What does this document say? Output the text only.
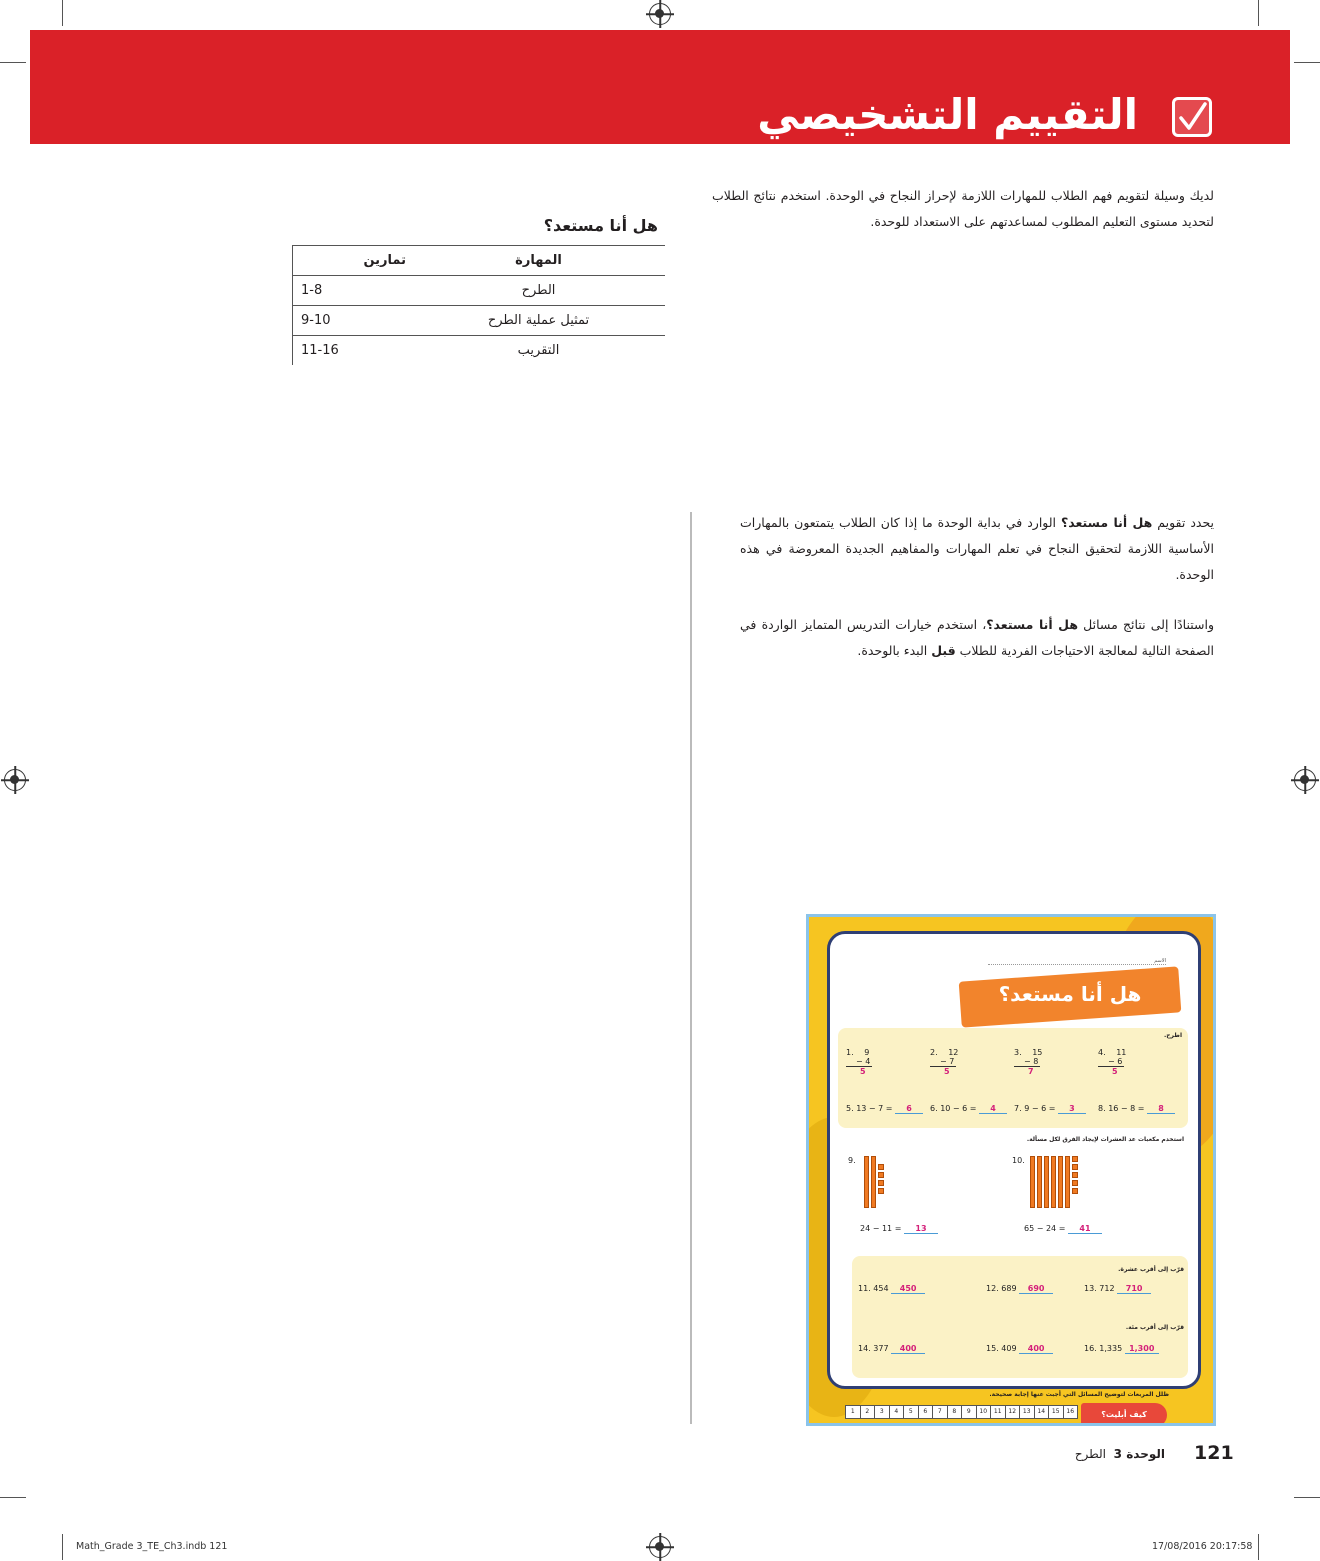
التقييم التشخيصي
لديك وسيلة لتقويم فهم الطلاب للمهارات اللازمة لإحراز النجاح في الوحدة. استخدم نتائج الطلاب لتحديد مستوى التعليم المطلوب لمساعدتهم على الاستعداد للوحدة.
هل أنا مستعد؟
المهارة	تمارين
الطرح	1-8
تمثيل عملية الطرح	9-10
التقريب	11-16
يحدد تقويم هل أنا مستعد؟ الوارد في بداية الوحدة ما إذا كان الطلاب يتمتعون بالمهارات الأساسية اللازمة لتحقيق النجاح في تعلم المهارات والمفاهيم الجديدة المعروضة في هذه الوحدة.
واستنادًا إلى نتائج مسائل هل أنا مستعد؟، استخدم خيارات التدريس المتمايز الواردة في الصفحة التالية لمعالجة الاحتياجات الفردية للطلاب قبل البدء بالوحدة.
الاسم
هل أنا مستعد؟
اطرح.
1. 9
− 4
5
2. 12
− 7
5
3. 15
− 8
7
4. 11
− 6
5
5. 13 − 7 = 6	6. 10 − 6 = 4	7. 9 − 6 = 3	8. 16 − 8 = 8
استخدم مكعبات عد العشرات لإيجاد الفرق لكل مسألة.
9.
24 − 11 = 13
10.
65 − 24 = 41
قرّب إلى أقرب عشرة.
11. 454 450	12. 689 690	13. 712 710
قرّب إلى أقرب مئة.
14. 377 400	15. 409 400	16. 1,335 1,300
ظلل المربعات لتوضيح المسائل التي أجبت عنها إجابة صحيحة.
كيف أبليت؟
1	2	3	4	5	6	7	8	9	10	11	12	13	14	15	16
121
الوحدة 3  الطرح
Math_Grade 3_TE_Ch3.indb 121	17/08/2016 20:17:58
